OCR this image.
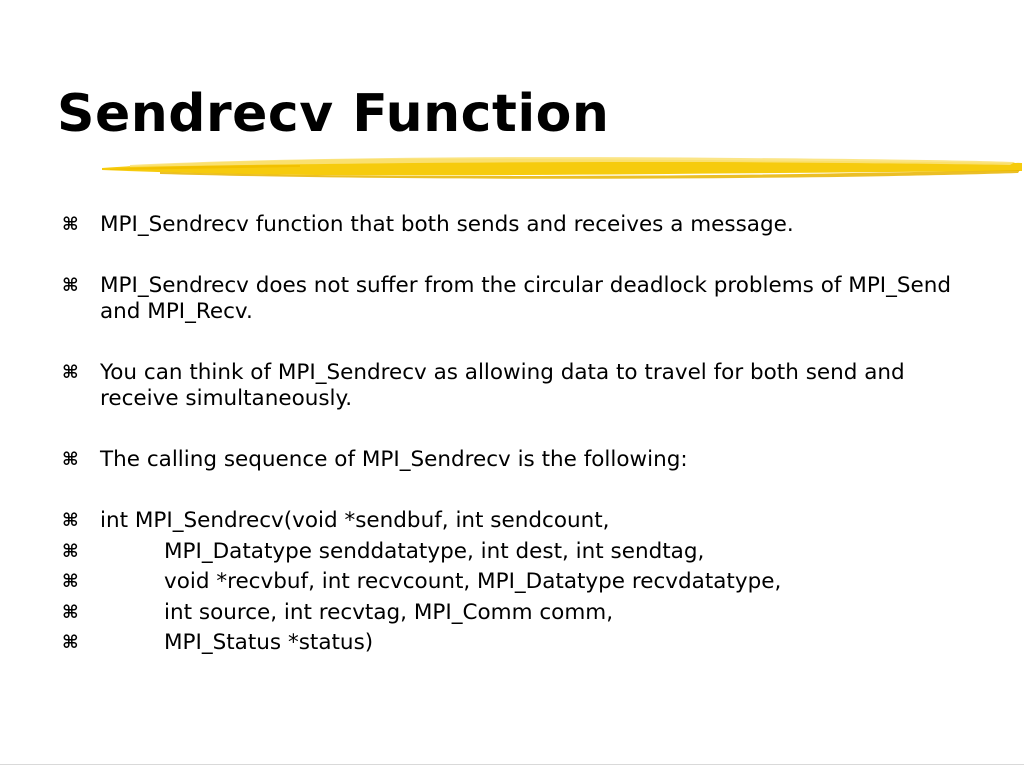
Sendrecv Function
⌘ MPI_Sendrecv function that both sends and receives a message.
⌘ MPI_Sendrecv does not suffer from the circular deadlock problems of MPI_Send and MPI_Recv.
⌘ You can think of MPI_Sendrecv as allowing data to travel for both send and receive simultaneously.
⌘ The calling sequence of MPI_Sendrecv is the following:
⌘ int MPI_Sendrecv(void *sendbuf, int sendcount,
⌘	MPI_Datatype senddatatype, int dest, int sendtag,
⌘	void *recvbuf, int recvcount, MPI_Datatype recvdatatype,
⌘	int source, int recvtag, MPI_Comm comm,
⌘	MPI_Status *status)
